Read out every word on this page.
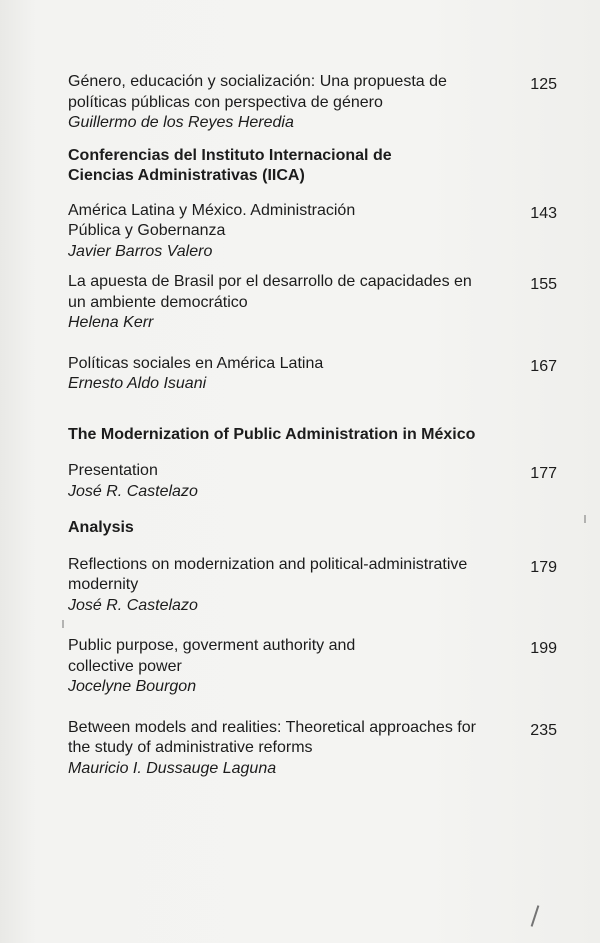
Género, educación y socialización: Una propuesta de políticas públicas con perspectiva de género
Guillermo de los Reyes Heredia
125
Conferencias del Instituto Internacional de Ciencias Administrativas (IICA)
América Latina y México. Administración Pública y Gobernanza
Javier Barros Valero
143
La apuesta de Brasil por el desarrollo de capacidades en un ambiente democrático
Helena Kerr
155
Políticas sociales en América Latina
Ernesto Aldo Isuani
167
The Modernization of Public Administration in México
Presentation
José R. Castelazo
177
Analysis
Reflections on modernization and political-administrative modernity
José R. Castelazo
179
Public purpose, goverment authority and collective power
Jocelyne Bourgon
199
Between models and realities: Theoretical approaches for the study of administrative reforms
Mauricio I. Dussauge Laguna
235
